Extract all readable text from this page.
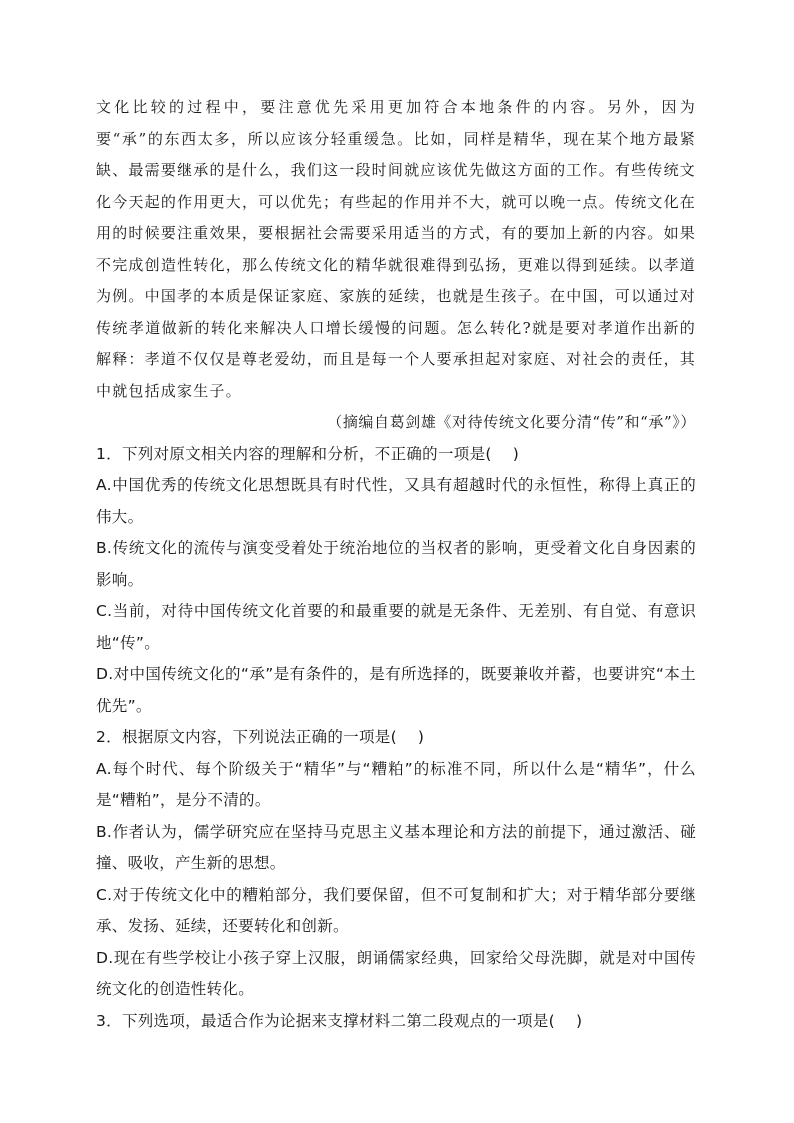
文化比较的过程中，要注意优先采用更加符合本地条件的内容。另外，因为要“承”的东西太多，所以应该分轻重缓急。比如，同样是精华，现在某个地方最紧缺、最需要继承的是什么，我们这一段时间就应该优先做这方面的工作。有些传统文化今天起的作用更大，可以优先；有些起的作用并不大，就可以晚一点。传统文化在用的时候要注重效果，要根据社会需要采用适当的方式，有的要加上新的内容。如果不完成创造性转化，那么传统文化的精华就很难得到弘扬，更难以得到延续。以孝道为例。中国孝的本质是保证家庭、家族的延续，也就是生孩子。在中国，可以通过对传统孝道做新的转化来解决人口增长缓慢的问题。怎么转化?就是要对孝道作出新的解释：孝道不仅仅是尊老爱幼，而且是每一个人要承担起对家庭、对社会的责任，其中就包括成家生子。

（摘编自葛剑雄《对待传统文化要分清“传”和“承”》）

1．下列对原文相关内容的理解和分析，不正确的一项是(　 )

A.中国优秀的传统文化思想既具有时代性，又具有超越时代的永恒性，称得上真正的伟大。

B.传统文化的流传与演变受着处于统治地位的当权者的影响，更受着文化自身因素的影响。

C.当前，对待中国传统文化首要的和最重要的就是无条件、无差别、有自觉、有意识地“传”。

D.对中国传统文化的“承”是有条件的，是有所选择的，既要兼收并蓄，也要讲究“本土优先”。

2．根据原文内容，下列说法正确的一项是(　 )

A.每个时代、每个阶级关于“精华”与“糟粕”的标准不同，所以什么是“精华”，什么是“糟粕”，是分不清的。

B.作者认为，儒学研究应在坚持马克思主义基本理论和方法的前提下，通过激活、碰撞、吸收，产生新的思想。

C.对于传统文化中的糟粕部分，我们要保留，但不可复制和扩大；对于精华部分要继承、发扬、延续，还要转化和创新。

D.现在有些学校让小孩子穿上汉服，朗诵儒家经典，回家给父母洗脚，就是对中国传统文化的创造性转化。

3．下列选项，最适合作为论据来支撑材料二第二段观点的一项是(　 )
